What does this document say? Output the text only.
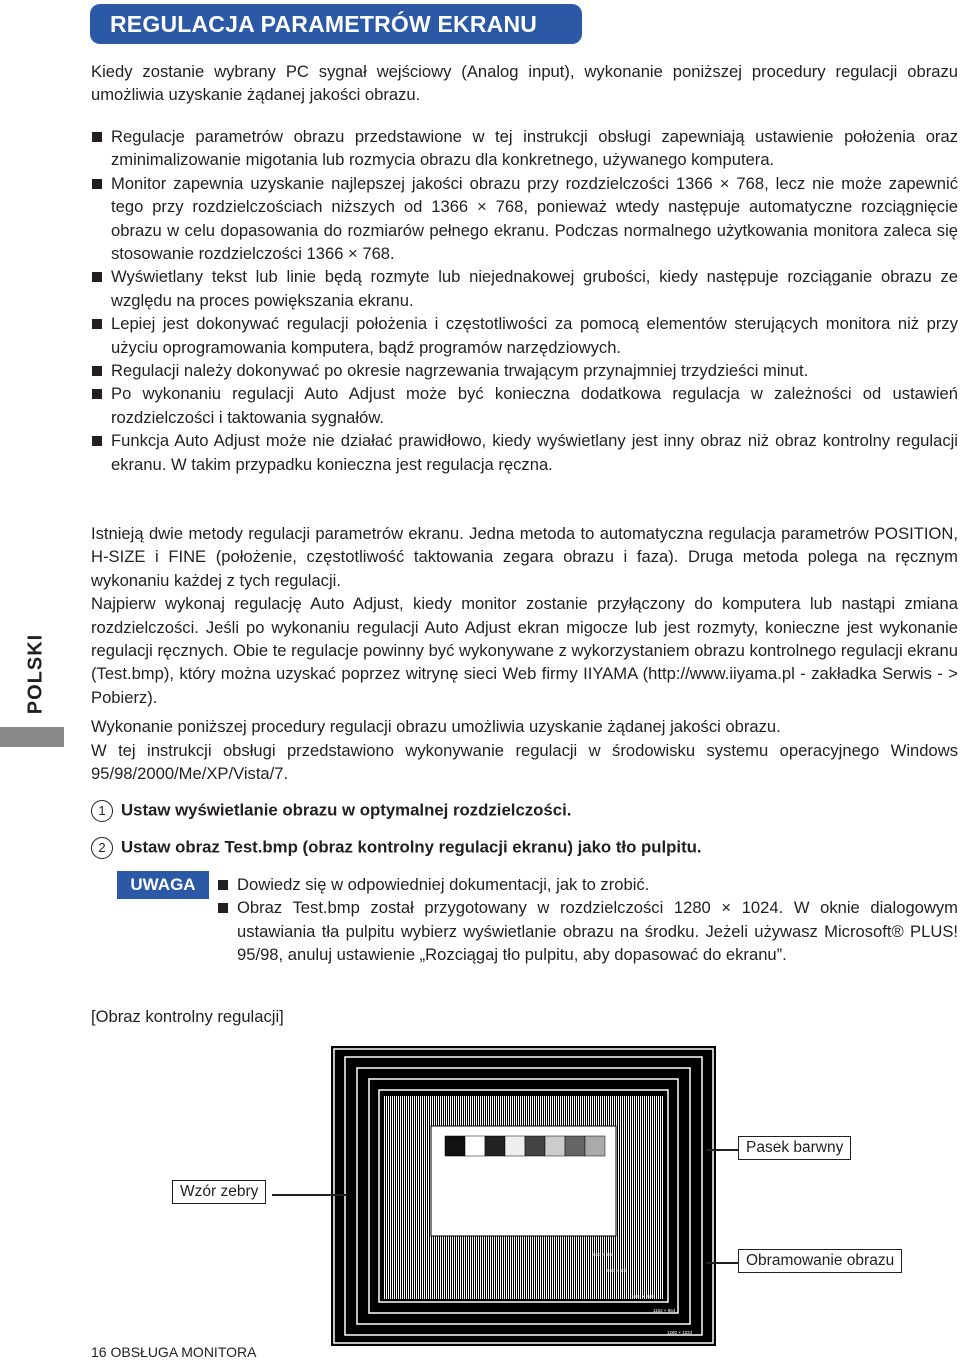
REGULACJA PARAMETRÓW EKRANU

Kiedy zostanie wybrany PC sygnał wejściowy (Analog input), wykonanie poniższej procedury regulacji obrazu umożliwia uzyskanie żądanej jakości obrazu.

Regulacje parametrów obrazu przedstawione w tej instrukcji obsługi zapewniają ustawienie położenia oraz zminimalizowanie migotania lub rozmycia obrazu dla konkretnego, używanego komputera.
Monitor zapewnia uzyskanie najlepszej jakości obrazu przy rozdzielczości 1366 × 768, lecz nie może zapewnić tego przy rozdzielczościach niższych od 1366 × 768, ponieważ wtedy następuje automatyczne rozciągnięcie obrazu w celu dopasowania do rozmiarów pełnego ekranu. Podczas normalnego użytkowania monitora zaleca się stosowanie rozdzielczości 1366 × 768.
Wyświetlany tekst lub linie będą rozmyte lub niejednakowej grubości, kiedy następuje rozciąganie obrazu ze względu na proces powiększania ekranu.
Lepiej jest dokonywać regulacji położenia i częstotliwości za pomocą elementów sterujących monitora niż przy użyciu oprogramowania komputera, bądź programów narzędziowych.
Regulacji należy dokonywać po okresie nagrzewania trwającym przynajmniej trzydzieści minut.
Po wykonaniu regulacji Auto Adjust może być konieczna dodatkowa regulacja w zależności od ustawień rozdzielczości i taktowania sygnałów.
Funkcja Auto Adjust może nie działać prawidłowo, kiedy wyświetlany jest inny obraz niż obraz kontrolny regulacji ekranu. W takim przypadku konieczna jest regulacja ręczna.
POLSKI

Istnieją dwie metody regulacji parametrów ekranu. Jedna metoda to automatyczna regulacja parametrów POSITION, H-SIZE i FINE (położenie, częstotliwość taktowania zegara obrazu i faza). Druga metoda polega na ręcznym wykonaniu każdej z tych regulacji.

Najpierw wykonaj regulację Auto Adjust, kiedy monitor zostanie przyłączony do komputera lub nastąpi zmiana rozdzielczości. Jeśli po wykonaniu regulacji Auto Adjust ekran migocze lub jest rozmyty, konieczne jest wykonanie regulacji ręcznych. Obie te regulacje powinny być wykonywane z wykorzystaniem obrazu kontrolnego regulacji ekranu (Test.bmp), który można uzyskać poprzez witrynę sieci Web firmy IIYAMA (http://www.iiyama.pl - zakładka Serwis - > Pobierz).

Wykonanie poniższej procedury regulacji obrazu umożliwia uzyskanie żądanej jakości obrazu.

W tej instrukcji obsługi przedstawiono wykonywanie regulacji w środowisku systemu operacyjnego Windows 95/98/2000/Me/XP/Vista/7.

1 Ustaw wyświetlanie obrazu w optymalnej rozdzielczości.
2 Ustaw obraz Test.bmp (obraz kontrolny regulacji ekranu) jako tło pulpitu.
UWAGA	Dowiedz się w odpowiedniej dokumentacji, jak to zrobić.
Obraz Test.bmp został przygotowany w rozdzielczości 1280 × 1024. W oknie dialogowym ustawiania tła pulpitu wybierz wyświetlanie obrazu na środku. Jeżeli używasz Microsoft® PLUS! 95/98, anuluj ustawienie „Rozciągaj tło pulpitu, aby dopasować do ekranu”.
[Obraz kontrolny regulacji]
640 × 480
800 × 600
1024 × 768
1152 × 864
1280 × 1024
Pasek barwny
Wzór zebry
Obramowanie obrazu
16 OBSŁUGA MONITORA
